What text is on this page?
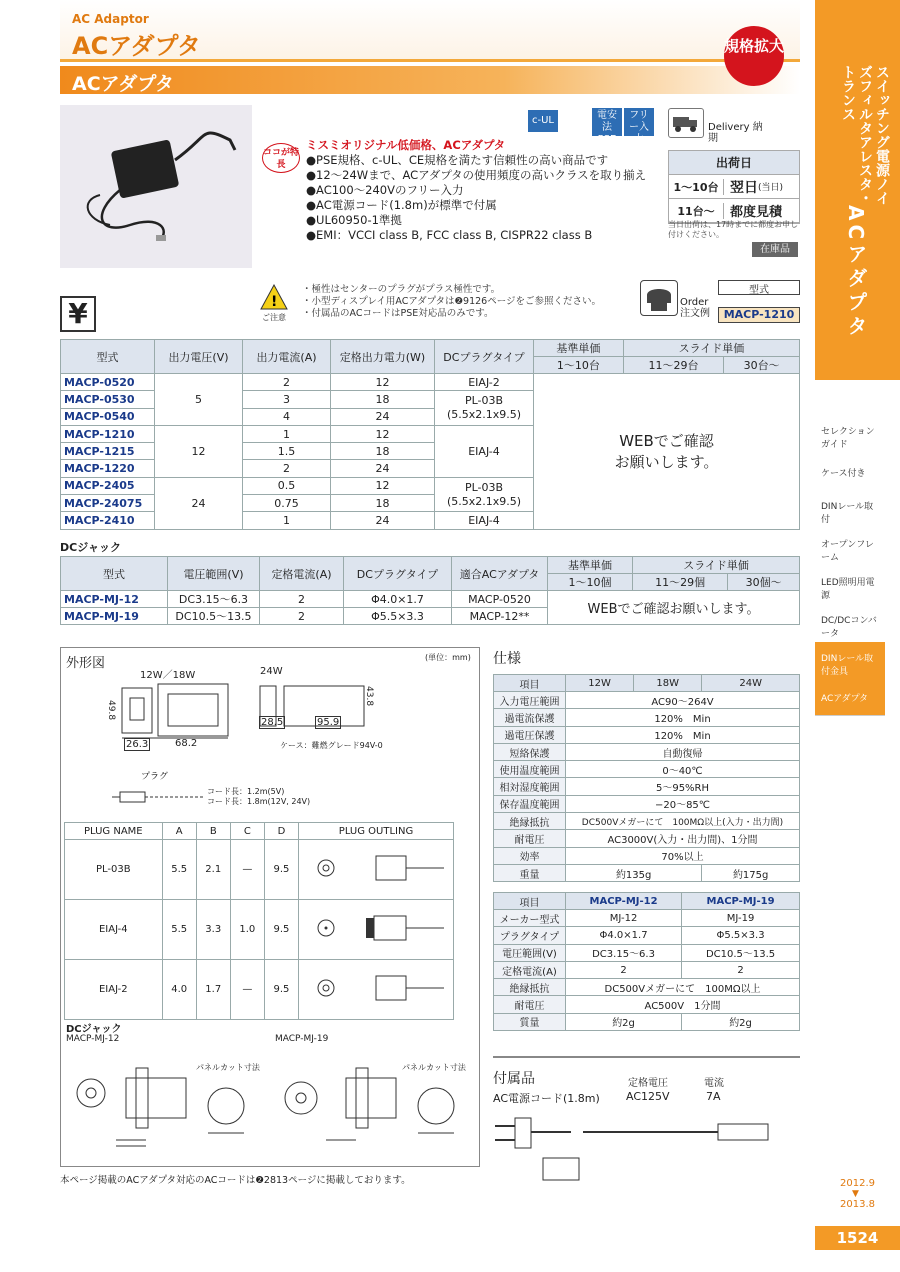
AC Adaptor
ACアダプタ
ACアダプタ
規格拡大
スイッチング電源ノイズフィルタアレスタ・トランス
ACアダプタ
セレクションガイド
ケース付き
DINレール取付
オープンフレーム
LED照明用電源
DC/DCコンバータ
DINレール取付金具
ACアダプタ
c-UL	電安法PSE
フリー入力
Delivery 納期
出荷日
1〜10台 翌日 (当日)
11台〜	都度見積
当日出荷は、17時までに都度お申し付けください。
在庫品
ココが特長
ミスミオリジナル低価格、ACアダプタ
●PSE規格、c-UL、CE規格を満たす信頼性の高い商品です
●12〜24Wまで、ACアダプタの使用頻度の高いクラスを取り揃え
●AC100〜240Vのフリー入力
●AC電源コード(1.8m)が標準で付属
●UL60950-1準拠
●EMI：VCCI class B, FCC class B, CISPR22 class B
¥	!
ご注意
・極性はセンターのプラグがプラス極性です。
・小型ディスプレイ用ACアダプタは❷9126ページをご参照ください。
・付属品のACコードはPSE対応品のみです。
Order 注文例
型式
MACP-1210
型式	出力電圧(V)	出力電流(A)	定格出力電力(W)	DCプラグタイプ	基準単価	スライド単価	
					1〜10台	11〜29台	30台〜
MACP-0520	5	2	12	EIAJ-2	WEBでご確認
お願いします。		
MACP-0530		3	18	PL-03B
(5.5x2.1x9.5)			
MACP-0540		4	24				
MACP-1210	12	1	12	EIAJ-4			
MACP-1215		1.5	18				
MACP-1220		2	24				
MACP-2405	24	0.5	12	PL-03B
(5.5x2.1x9.5)			
MACP-24075		0.75	18				
MACP-2410		1	24	EIAJ-4			
DCジャック
型式	電圧範囲(V)	定格電流(A)	DCプラグタイプ	適合ACアダプタ	基準単価	スライド単価	
					1〜10個	11〜29個	30個〜
MACP-MJ-12	DC3.15〜6.3	2	Φ4.0×1.7	MACP-0520	WEBでご確認お願いします。		
MACP-MJ-19	DC10.5〜13.5	2	Φ5.5×3.3	MACP-12**			
外形図	(単位：mm)
12W／18W	24W
49.8
26.3	68.2
28.5	95.9
43.8
ケース：難燃グレード94V-0
プラグ
コード長：1.2m(5V)
コード長：1.8m(12V, 24V)
PLUG NAME	A	B	C	D	PLUG OUTLING
PL-03B	5.5	2.1	—	9.5	
EIAJ-4	5.5	3.3	1.0	9.5	
EIAJ-2	4.0	1.7	—	9.5	
DCジャック
MACP-MJ-12	MACP-MJ-19
パネルカット寸法	パネルカット寸法
仕様
項目	12W	18W	24W
入力電圧範囲	AC90〜264V		
過電流保護	120%　Min		
過電圧保護	120%　Min		
短絡保護	自動復帰		
使用温度範囲	0〜40℃		
相対湿度範囲	5〜95%RH		
保存温度範囲	−20〜85℃		
絶縁抵抗	DC500Vメガーにて　100MΩ以上(入力・出力間)		
耐電圧	AC3000V(入力・出力間)、1分間		
効率	70%以上		
重量	約135g		約175g
項目	MACP-MJ-12	MACP-MJ-19
メーカー型式	MJ-12	MJ-19
プラグタイプ	Φ4.0×1.7	Φ5.5×3.3
電圧範囲(V)	DC3.15〜6.3	DC10.5〜13.5
定格電流(A)	2	2
絶縁抵抗	DC500Vメガーにて　100MΩ以上	
耐電圧	AC500V　1分間	
質量	約2g	約2g
付属品	定格電圧	電流
AC電源コード(1.8m) AC125V	7A
本ページ掲載のACアダプタ対応のACコードは❷2813ページに掲載しております。	2012.9
▼
2013.8
1524
